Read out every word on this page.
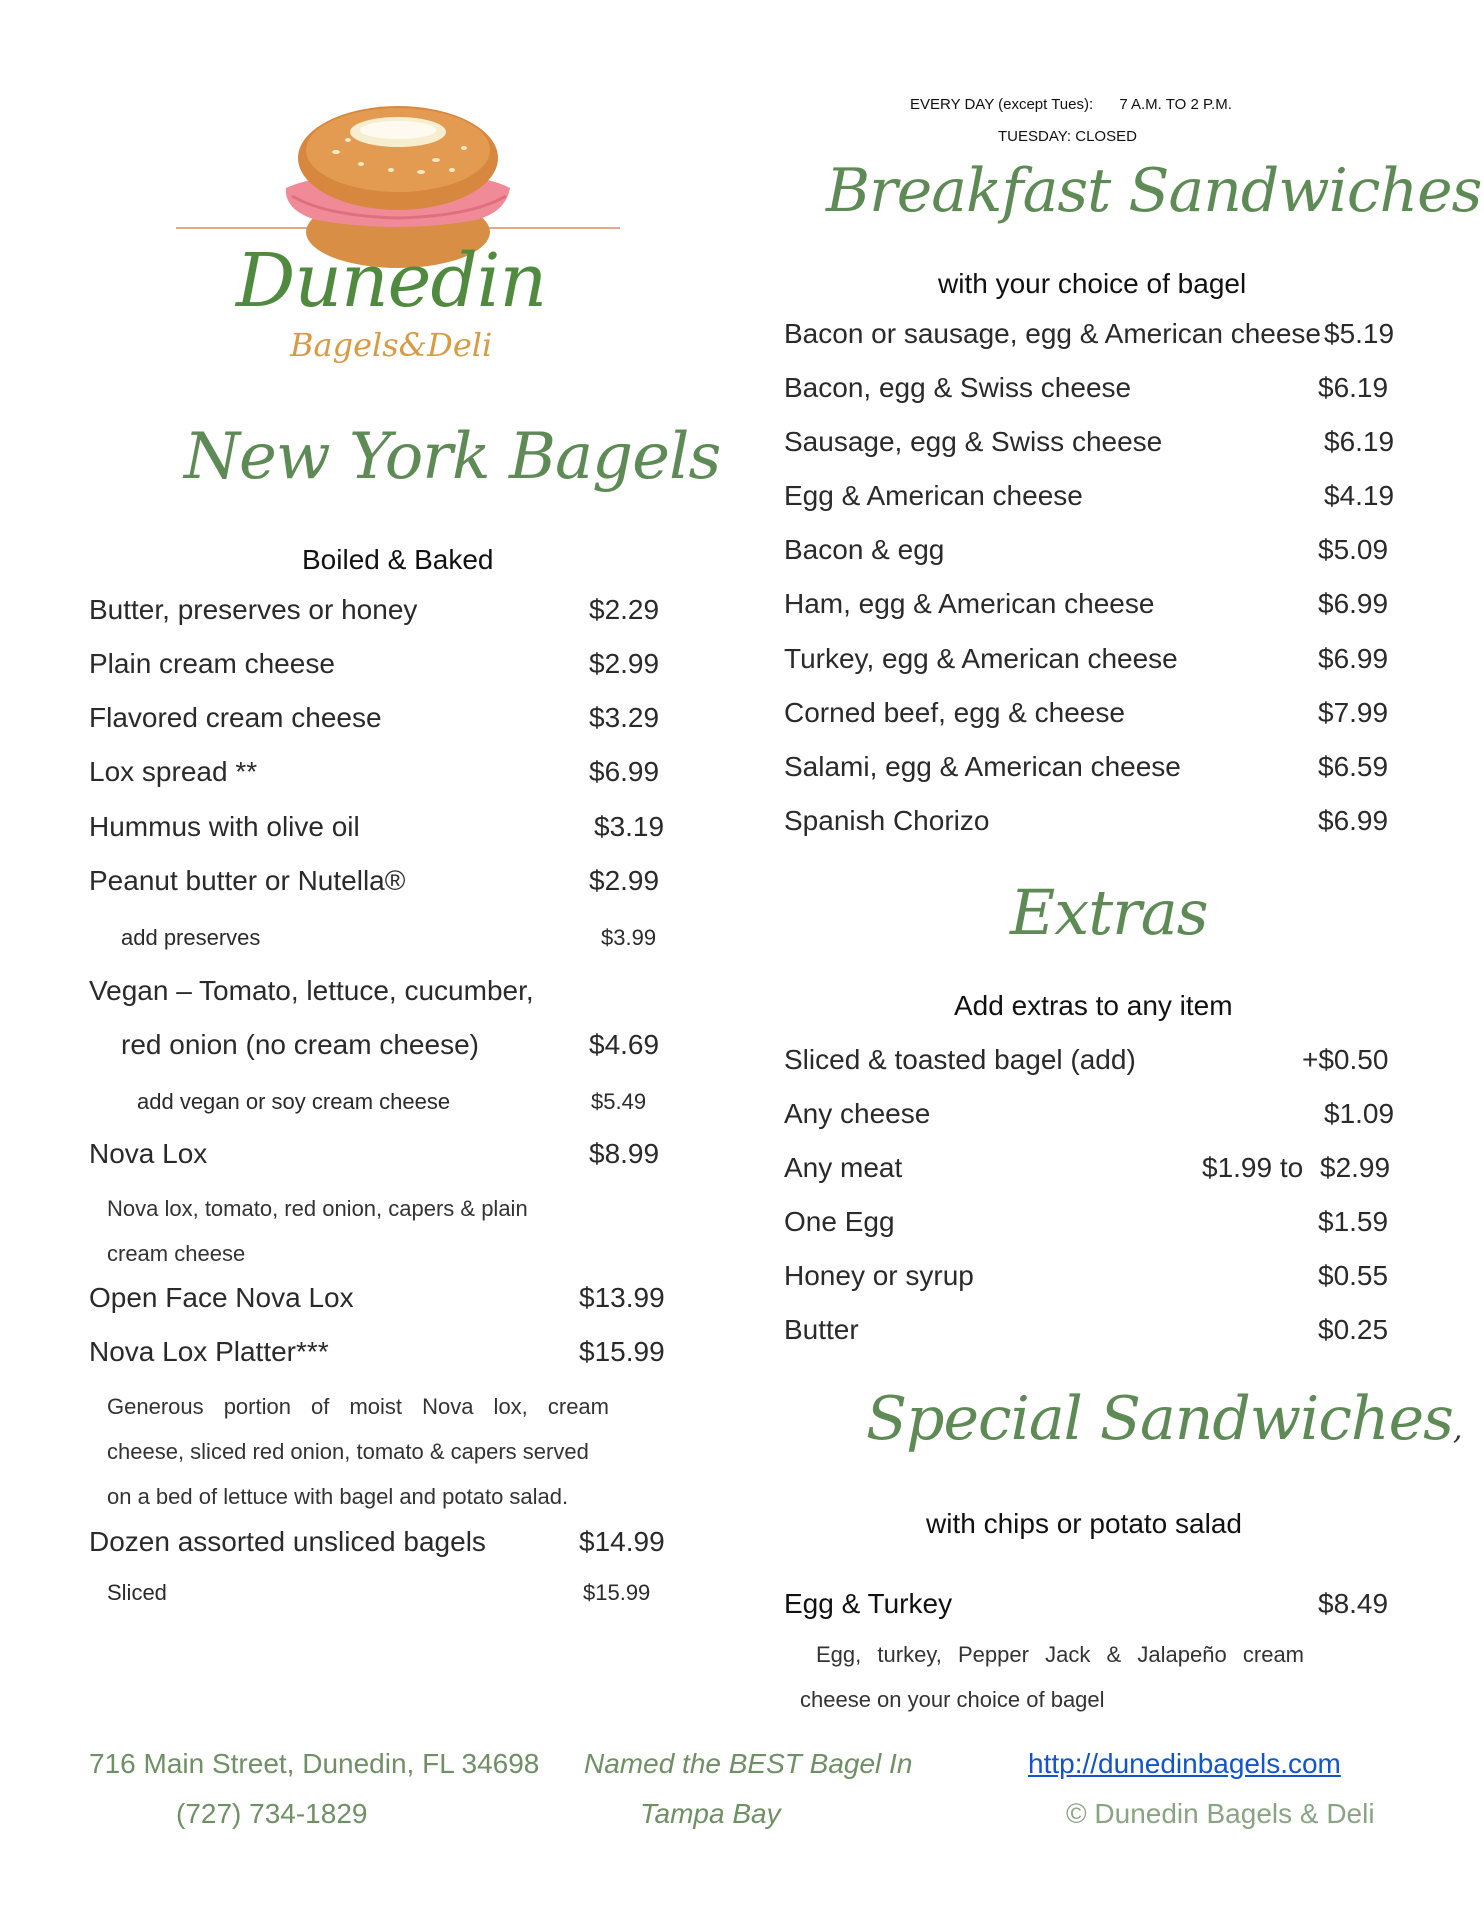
Dunedin
Bagels&Deli
EVERY DAY (except Tues): 7 A.M. TO 2 P.M.
TUESDAY: CLOSED
New York Bagels
Boiled & Baked
Butter, preserves or honey	$2.29
Plain cream cheese	$2.99
Flavored cream cheese	$3.29
Lox spread **	$6.99
Hummus with olive oil	$3.19
Peanut butter or Nutella®	$2.99
add preserves	$3.99
Vegan – Tomato, lettuce, cucumber,
red onion (no cream cheese)	$4.69
add vegan or soy cream cheese	$5.49
Nova Lox	$8.99
Nova lox, tomato, red onion, capers & plain
cream cheese
Open Face Nova Lox	$13.99
Nova Lox Platter***	$15.99
Generous portion of moist Nova lox, cream
cheese, sliced red onion, tomato & capers served
on a bed of lettuce with bagel and potato salad.
Dozen assorted unsliced bagels	$14.99
Sliced	$15.99
Breakfast Sandwiches
with your choice of bagel
Bacon or sausage, egg & American cheese $5.19
Bacon, egg & Swiss cheese	$6.19
Sausage, egg & Swiss cheese	$6.19
Egg & American cheese	$4.19
Bacon & egg	$5.09
Ham, egg & American cheese	$6.99
Turkey, egg & American cheese	$6.99
Corned beef, egg & cheese	$7.99
Salami, egg & American cheese	$6.59
Spanish Chorizo	$6.99
Extras
Add extras to any item
Sliced & toasted bagel (add)	+$0.50
Any cheese	$1.09
Any meat	$1.99 to $2.99
One Egg	$1.59
Honey or syrup	$0.55
Butter	$0.25
Special Sandwiches,
with chips or potato salad
Egg & Turkey	$8.49
Egg, turkey, Pepper Jack & Jalapeño cream
cheese on your choice of bagel
716 Main Street, Dunedin, FL 34698
(727) 734-1829
Named the BEST Bagel In
Tampa Bay
http://dunedinbagels.com
© Dunedin Bagels & Deli
